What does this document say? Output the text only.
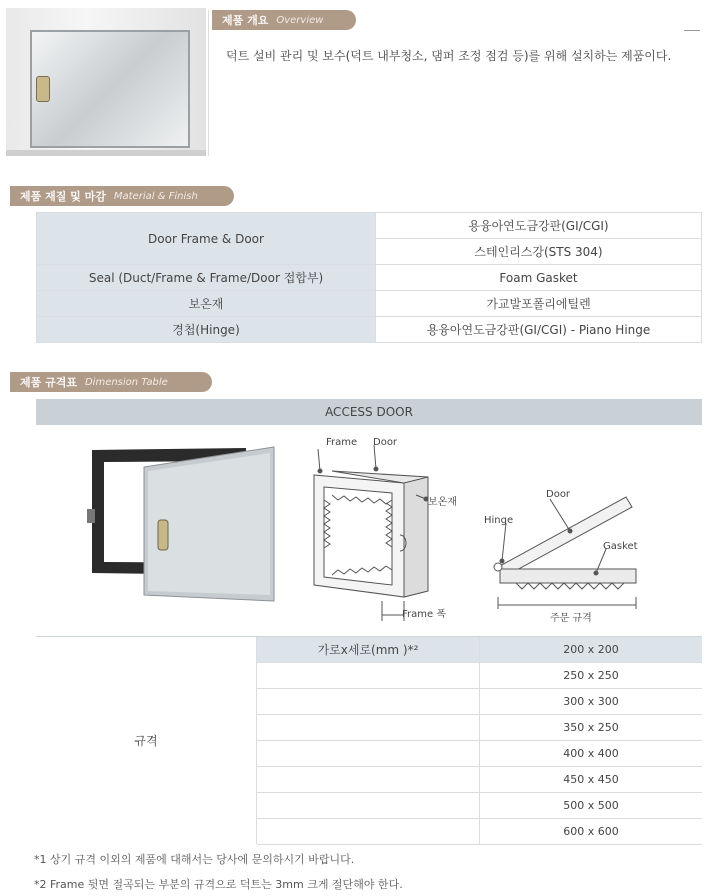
제품 개요 Overview
덕트 설비 관리 및 보수(덕트 내부청소, 댐퍼 조정 점검 등)를 위해 설치하는 제품이다.
제품 재질 및 마감 Material & Finish
Door Frame & Door	용융아연도금강판(GI/CGI)
	스테인리스강(STS 304)
Seal (Duct/Frame & Frame/Door 접합부)	Foam Gasket
보온재	가교발포폴리에틸렌
경첩(Hinge)	용융아연도금강판(GI/CGI) - Piano Hinge
제품 규격표 Dimension Table
ACCESS DOOR
Frame Door
보온재
Frame 폭
Hinge
Door
Gasket
주문 규격
규격
가로x세로(mm )*²	200 x 200
250 x 250
300 x 300
350 x 250
400 x 400
450 x 450
500 x 500
600 x 600
*1 상기 규격 이외의 제품에 대해서는 당사에 문의하시기 바랍니다.
*2 Frame 뒷면 절곡되는 부분의 규격으로 덕트는 3mm 크게 절단해야 한다.
